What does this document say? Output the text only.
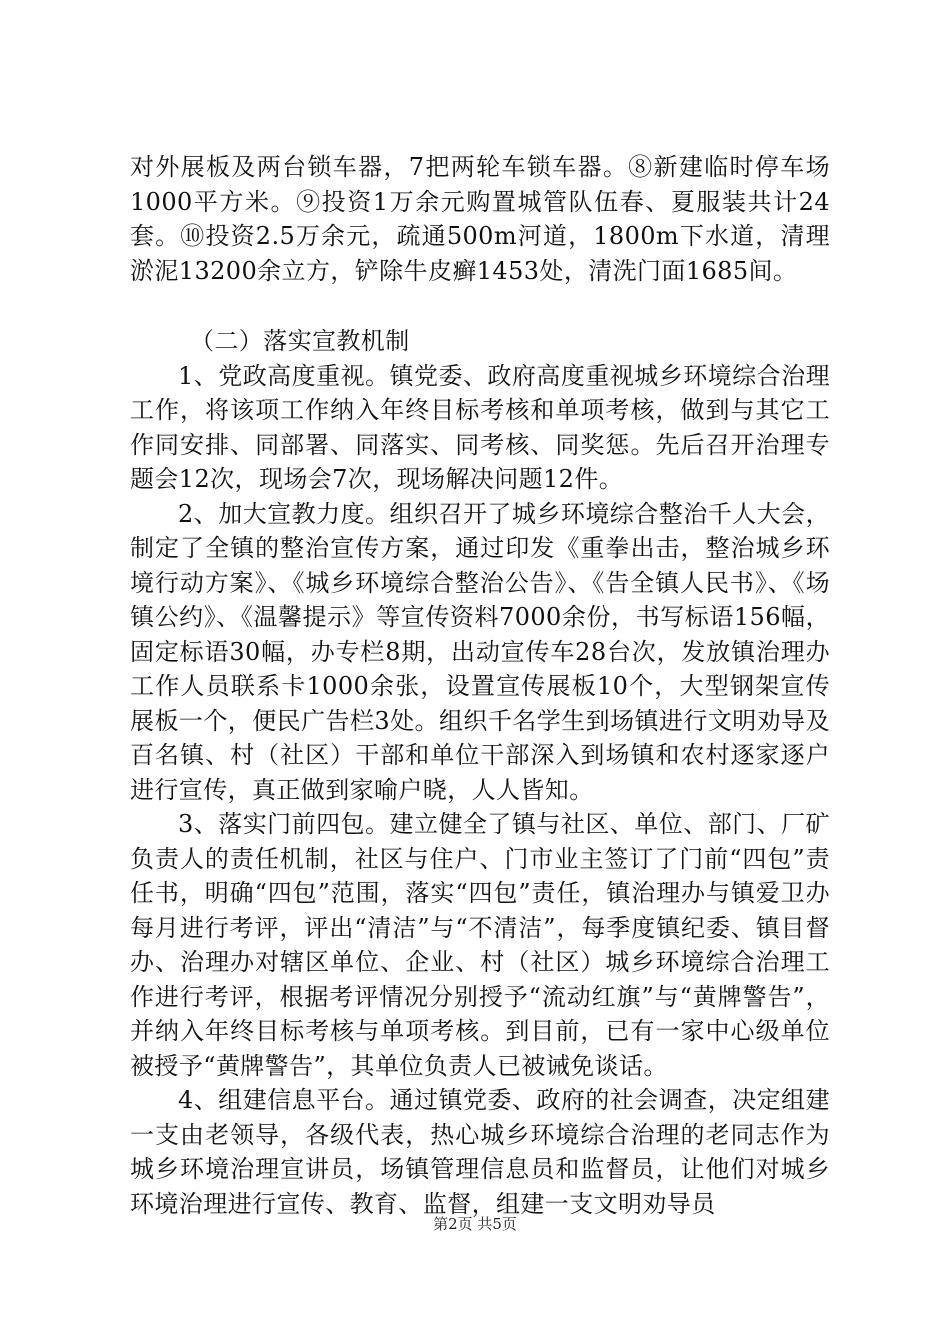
对外展板及两台锁车器，7把两轮车锁车器。⑧新建临时停车场1000平方米。⑨投资1万余元购置城管队伍春、夏服装共计24套。⑩投资2.5万余元，疏通500m河道，1800m下水道，清理淤泥13200余立方，铲除牛皮癣1453处，清洗门面1685间。

（二）落实宣教机制

1、党政高度重视。镇党委、政府高度重视城乡环境综合治理工作，将该项工作纳入年终目标考核和单项考核，做到与其它工作同安排、同部署、同落实、同考核、同奖惩。先后召开治理专题会12次，现场会7次，现场解决问题12件。

2、加大宣教力度。组织召开了城乡环境综合整治千人大会，制定了全镇的整治宣传方案，通过印发《重拳出击，整治城乡环境行动方案》、《城乡环境综合整治公告》、《告全镇人民书》、《场镇公约》、《温馨提示》等宣传资料7000余份，书写标语156幅，固定标语30幅，办专栏8期，出动宣传车28台次，发放镇治理办工作人员联系卡1000余张，设置宣传展板10个，大型钢架宣传展板一个，便民广告栏3处。组织千名学生到场镇进行文明劝导及百名镇、村（社区）干部和单位干部深入到场镇和农村逐家逐户进行宣传，真正做到家喻户晓，人人皆知。

3、落实门前四包。建立健全了镇与社区、单位、部门、厂矿负责人的责任机制，社区与住户、门市业主签订了门前“四包”责任书，明确“四包”范围，落实“四包”责任，镇治理办与镇爱卫办每月进行考评，评出“清洁”与“不清洁”，每季度镇纪委、镇目督办、治理办对辖区单位、企业、村（社区）城乡环境综合治理工作进行考评，根据考评情况分别授予“流动红旗”与“黄牌警告”，并纳入年终目标考核与单项考核。到目前，已有一家中心级单位被授予“黄牌警告”，其单位负责人已被诫免谈话。

4、组建信息平台。通过镇党委、政府的社会调查，决定组建一支由老领导，各级代表，热心城乡环境综合治理的老同志作为城乡环境治理宣讲员，场镇管理信息员和监督员，让他们对城乡环境治理进行宣传、教育、监督，组建一支文明劝导员

第2页 共5页
